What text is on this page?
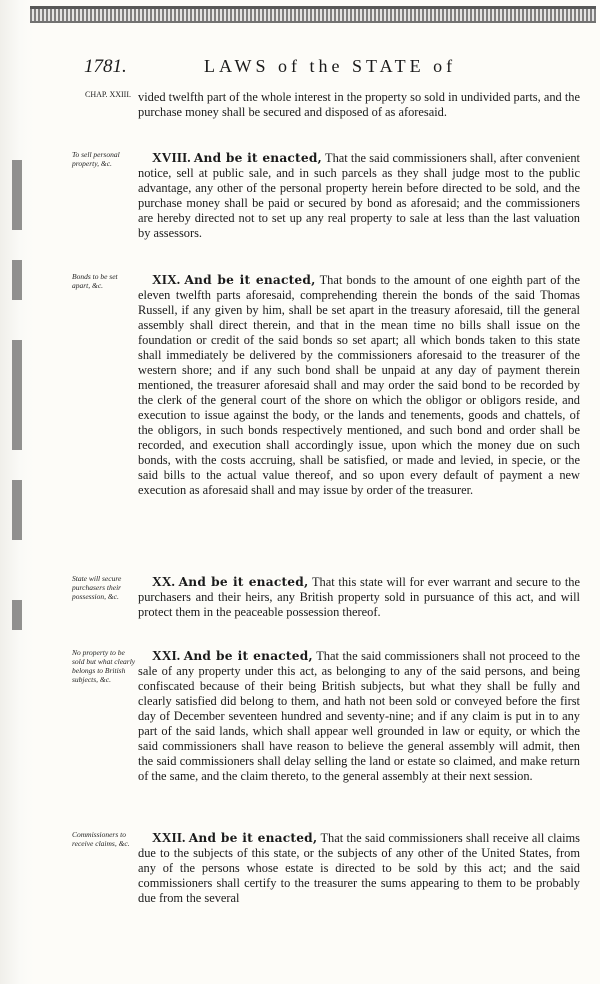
1781.	LAWS of the STATE of
CHAP. XXIII.
To sell personal property, &c.
Bonds to be set apart, &c.
State will secure purchasers their possession, &c.
No property to be sold but what clearly belongs to British subjects, &c.
Commissioners to receive claims, &c.

vided twelfth part of the whole interest in the property so sold in undivided parts, and the purchase money shall be secured and disposed of as aforesaid.

XVIII. And be it enacted, That the said commissioners shall, after convenient notice, sell at public sale, and in such parcels as they shall judge most to the public advantage, any other of the personal property herein before directed to be sold, and the purchase money shall be paid or secured by bond as aforesaid; and the commissioners are hereby directed not to set up any real property to sale at less than the last valuation by assessors.

XIX. And be it enacted, That bonds to the amount of one eighth part of the eleven twelfth parts aforesaid, comprehending therein the bonds of the said Thomas Russell, if any given by him, shall be set apart in the treasury aforesaid, till the general assembly shall direct therein, and that in the mean time no bills shall issue on the foundation or credit of the said bonds so set apart; all which bonds taken to this state shall immediately be delivered by the commissioners aforesaid to the treasurer of the western shore; and if any such bond shall be unpaid at any day of payment therein mentioned, the treasurer aforesaid shall and may order the said bond to be recorded by the clerk of the general court of the shore on which the obligor or obligors reside, and execution to issue against the body, or the lands and tenements, goods and chattels, of the obligors, in such bonds respectively mentioned, and such bond and order shall be recorded, and execution shall accordingly issue, upon which the money due on such bonds, with the costs accruing, shall be satisfied, or made and levied, in specie, or the said bills to the actual value thereof, and so upon every default of payment a new execution as aforesaid shall and may issue by order of the treasurer.

XX. And be it enacted, That this state will for ever warrant and secure to the purchasers and their heirs, any British property sold in pursuance of this act, and will protect them in the peaceable possession thereof.

XXI. And be it enacted, That the said commissioners shall not proceed to the sale of any property under this act, as belonging to any of the said persons, and being confiscated because of their being British subjects, but what they shall be fully and clearly satisfied did belong to them, and hath not been sold or conveyed before the first day of December seventeen hundred and seventy-nine; and if any claim is put in to any part of the said lands, which shall appear well grounded in law or equity, or which the said commissioners shall have reason to believe the general assembly will admit, then the said commissioners shall delay selling the land or estate so claimed, and make return of the same, and the claim thereto, to the general assembly at their next session.

XXII. And be it enacted, That the said commissioners shall receive all claims due to the subjects of this state, or the subjects of any other of the United States, from any of the persons whose estate is directed to be sold by this act; and the said commissioners shall certify to the treasurer the sums appearing to them to be probably due from the several
